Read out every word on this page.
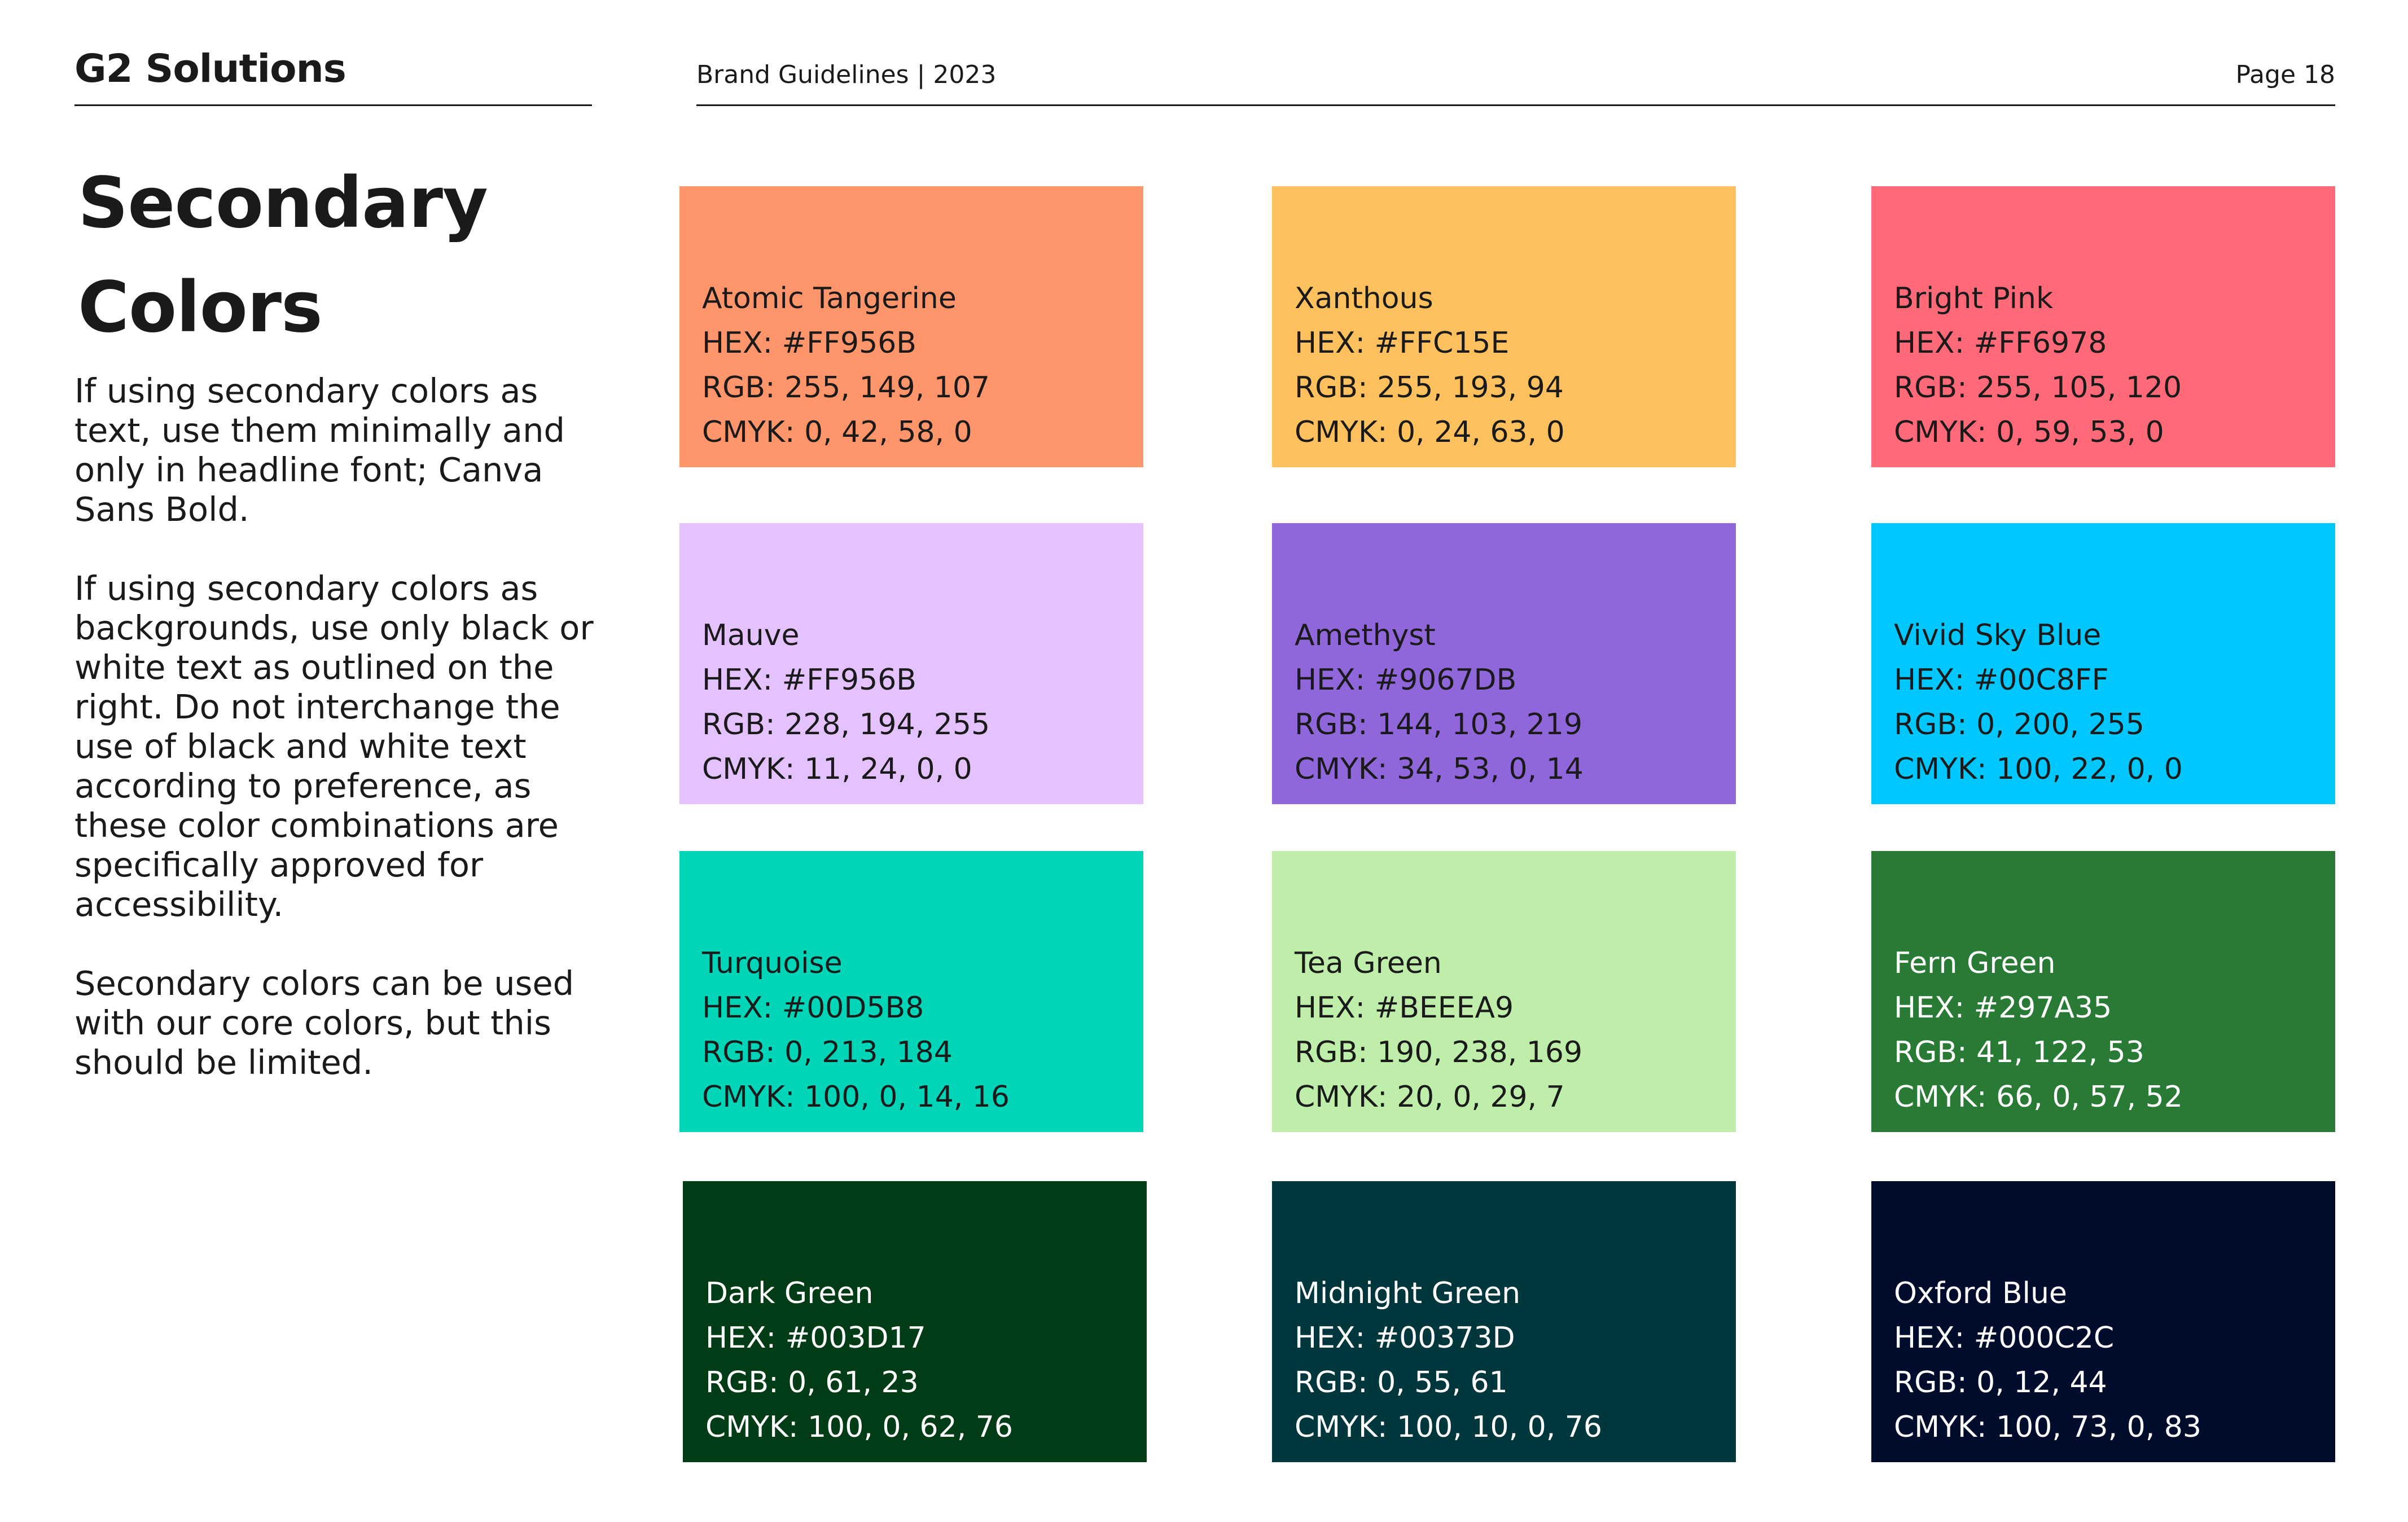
G2 Solutions	Brand Guidelines | 2023	Page 18
Secondary
Colors

If using secondary colors as text, use them minimally and only in headline font; Canva Sans Bold.

If using secondary colors as backgrounds, use only black or white text as outlined on the right. Do not interchange the use of black and white text according to preference, as these color combinations are specifically approved for accessibility.

Secondary colors can be used with our core colors, but this should be limited.

Atomic Tangerine
HEX: #FF956B
RGB: 255, 149, 107
CMYK: 0, 42, 58, 0
Xanthous
HEX: #FFC15E
RGB: 255, 193, 94
CMYK: 0, 24, 63, 0
Bright Pink
HEX: #FF6978
RGB: 255, 105, 120
CMYK: 0, 59, 53, 0
Mauve
HEX: #FF956B
RGB: 228, 194, 255
CMYK: 11, 24, 0, 0
Amethyst
HEX: #9067DB
RGB: 144, 103, 219
CMYK: 34, 53, 0, 14
Vivid Sky Blue
HEX: #00C8FF
RGB: 0, 200, 255
CMYK: 100, 22, 0, 0
Turquoise
HEX: #00D5B8
RGB: 0, 213, 184
CMYK: 100, 0, 14, 16
Tea Green
HEX: #BEEEA9
RGB: 190, 238, 169
CMYK: 20, 0, 29, 7
Fern Green
HEX: #297A35
RGB: 41, 122, 53
CMYK: 66, 0, 57, 52
Dark Green
HEX: #003D17
RGB: 0, 61, 23
CMYK: 100, 0, 62, 76
Midnight Green
HEX: #00373D
RGB: 0, 55, 61
CMYK: 100, 10, 0, 76
Oxford Blue
HEX: #000C2C
RGB: 0, 12, 44
CMYK: 100, 73, 0, 83
